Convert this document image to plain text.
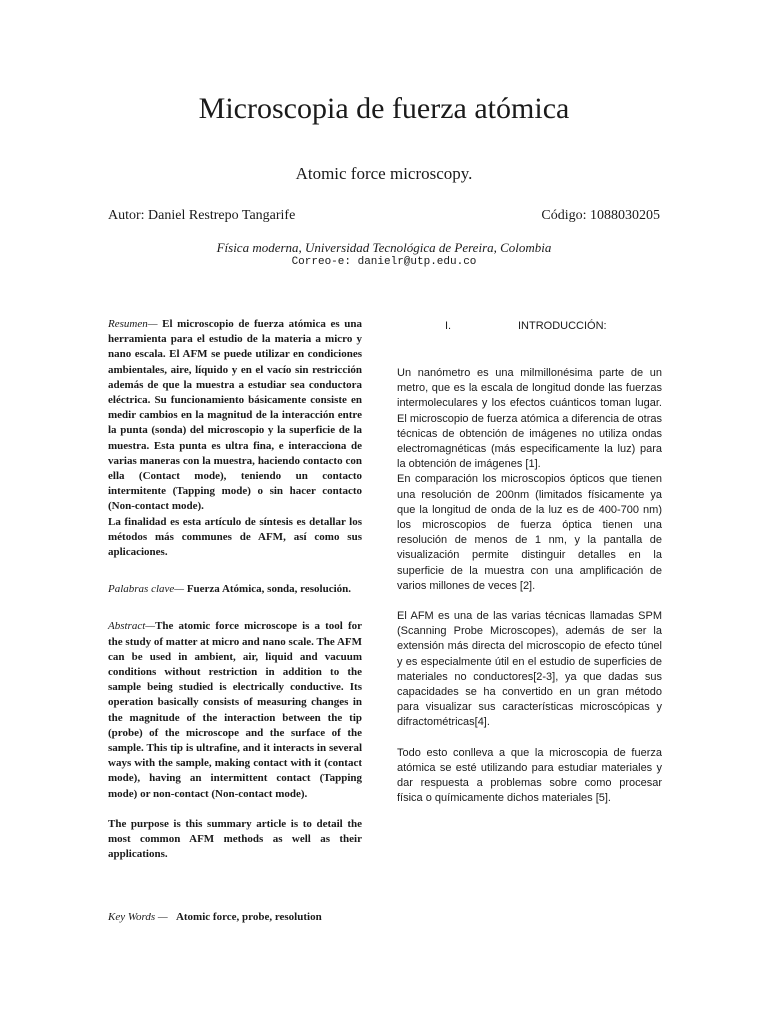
Microscopia de fuerza atómica
Atomic force microscopy.
Autor: Daniel Restrepo Tangarife	Código: 1088030205
Física moderna, Universidad Tecnológica de Pereira, Colombia
Correo-e: danielr@utp.edu.co

Resumen— El microscopio de fuerza atómica es una herramienta para el estudio de la materia a micro y nano escala. El AFM se puede utilizar en condiciones ambientales, aire, líquido y en el vacío sin restricción además de que la muestra a estudiar sea conductora eléctrica. Su funcionamiento básicamente consiste en medir cambios en la magnitud de la interacción entre la punta (sonda) del microscopio y la superficie de la muestra. Esta punta es ultra fina, e interacciona de varias maneras con la muestra, haciendo contacto con ella (Contact mode), teniendo un contacto intermitente (Tapping mode) o sin hacer contacto (Non-contact mode).

La finalidad es esta artículo de síntesis es detallar los métodos más communes de AFM, así como sus aplicaciones.

Palabras clave— Fuerza Atómica, sonda, resolución.

Abstract—The atomic force microscope is a tool for the study of matter at micro and nano scale. The AFM can be used in ambient, air, liquid and vacuum conditions without restriction in addition to the sample being studied is electrically conductive. Its operation basically consists of measuring changes in the magnitude of the interaction between the tip (probe) of the microscope and the surface of the sample. This tip is ultrafine, and it interacts in several ways with the sample, making contact with it (contact mode), having an intermittent contact (Tapping mode) or non-contact (Non-contact mode).

The purpose is this summary article is to detail the most common AFM methods as well as their applications.

Key Words — Atomic force, probe, resolution

I.	INTRODUCCIÓN:

Un nanómetro es una milmillonésima parte de un metro, que es la escala de longitud donde las fuerzas intermoleculares y los efectos cuánticos toman lugar. El microscopio de fuerza atómica a diferencia de otras técnicas de obtención de imágenes no utiliza ondas electromagnéticas (más especificamente la luz) para la obtención de imágenes [1].

En comparación los microscopios ópticos que tienen una resolución de 200nm (limitados físicamente ya que la longitud de onda de la luz es de 400-700 nm) los microscopios de fuerza óptica tienen una resolución de menos de 1 nm, y la pantalla de visualización permite distinguir detalles en la superficie de la muestra con una amplificación de varios millones de veces [2].

El AFM es una de las varias técnicas llamadas SPM (Scanning Probe Microscopes), además de ser la extensión más directa del microscopio de efecto túnel y es especialmente útil en el estudio de superficies de materiales no conductores[2-3], ya que dadas sus capacidades se ha convertido en un gran método para visualizar sus características microscópicas y difractométricas[4].

Todo esto conlleva a que la microscopia de fuerza atómica se esté utilizando para estudiar materiales y dar respuesta a problemas sobre como procesar física o químicamente dichos materiales [5].
